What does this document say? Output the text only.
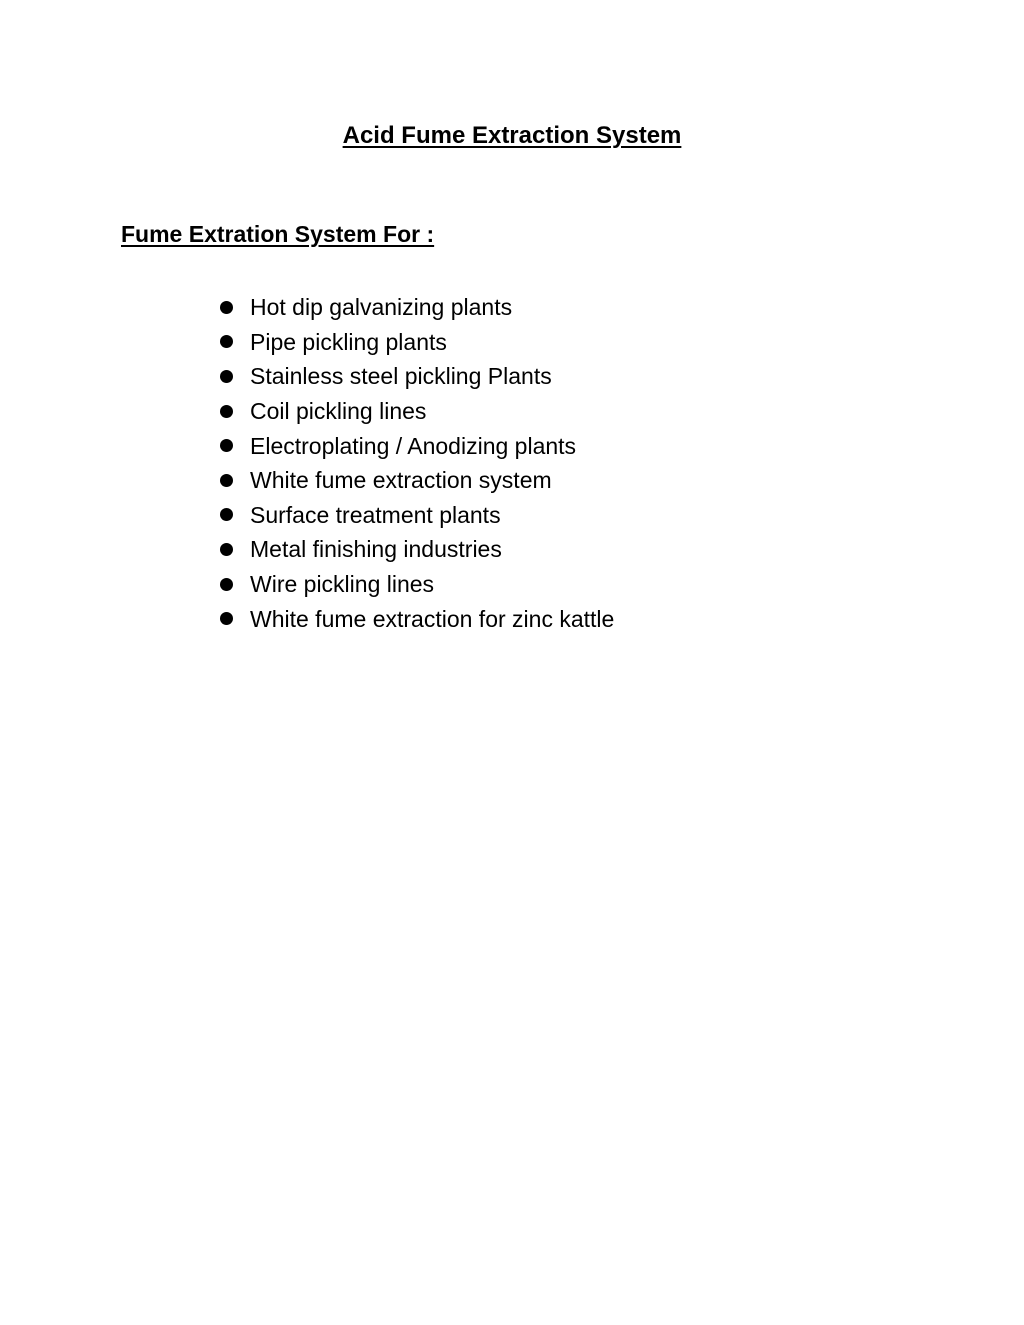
Acid Fume Extraction System
Fume Extration System For :
Hot dip galvanizing plants
Pipe pickling plants
Stainless steel pickling Plants
Coil pickling lines
Electroplating / Anodizing plants
White fume extraction system
Surface treatment plants
Metal finishing industries
Wire pickling lines
White fume extraction for zinc kattle
